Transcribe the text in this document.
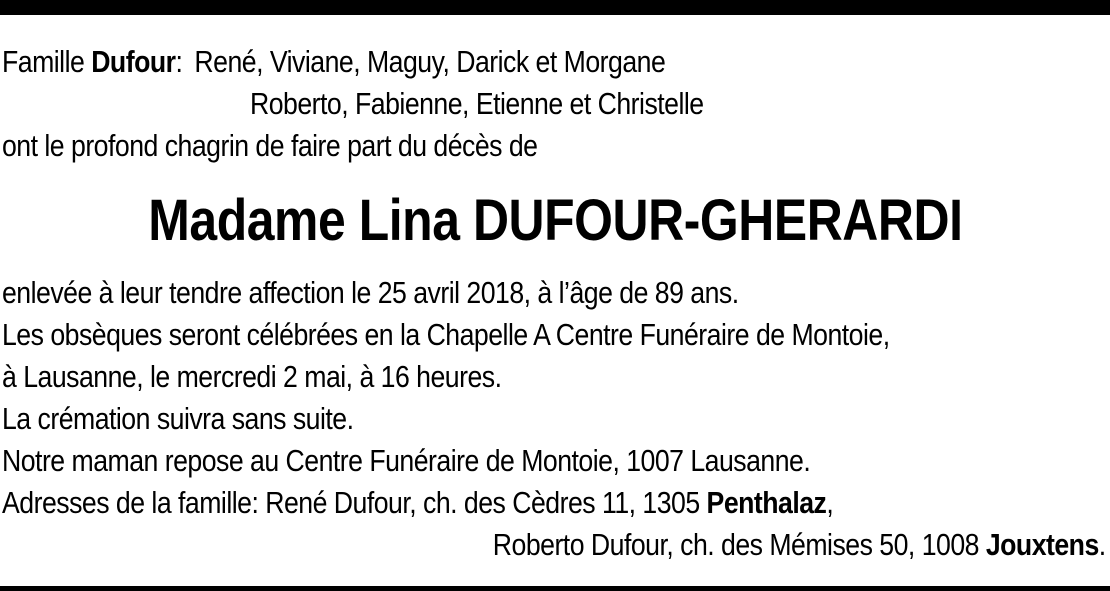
Famille Dufour: René, Viviane, Maguy, Darick et Morgane
Roberto, Fabienne, Etienne et Christelle
ont le profond chagrin de faire part du décès de
Madame Lina DUFOUR-GHERARDI
enlevée à leur tendre affection le 25 avril 2018, à l’âge de 89 ans.
Les obsèques seront célébrées en la Chapelle A Centre Funéraire de Montoie,
à Lausanne, le mercredi 2 mai, à 16 heures.
La crémation suivra sans suite.
Notre maman repose au Centre Funéraire de Montoie, 1007 Lausanne.
Adresses de la famille: René Dufour, ch. des Cèdres 11, 1305 Penthalaz,
Roberto Dufour, ch. des Mémises 50, 1008 Jouxtens.
